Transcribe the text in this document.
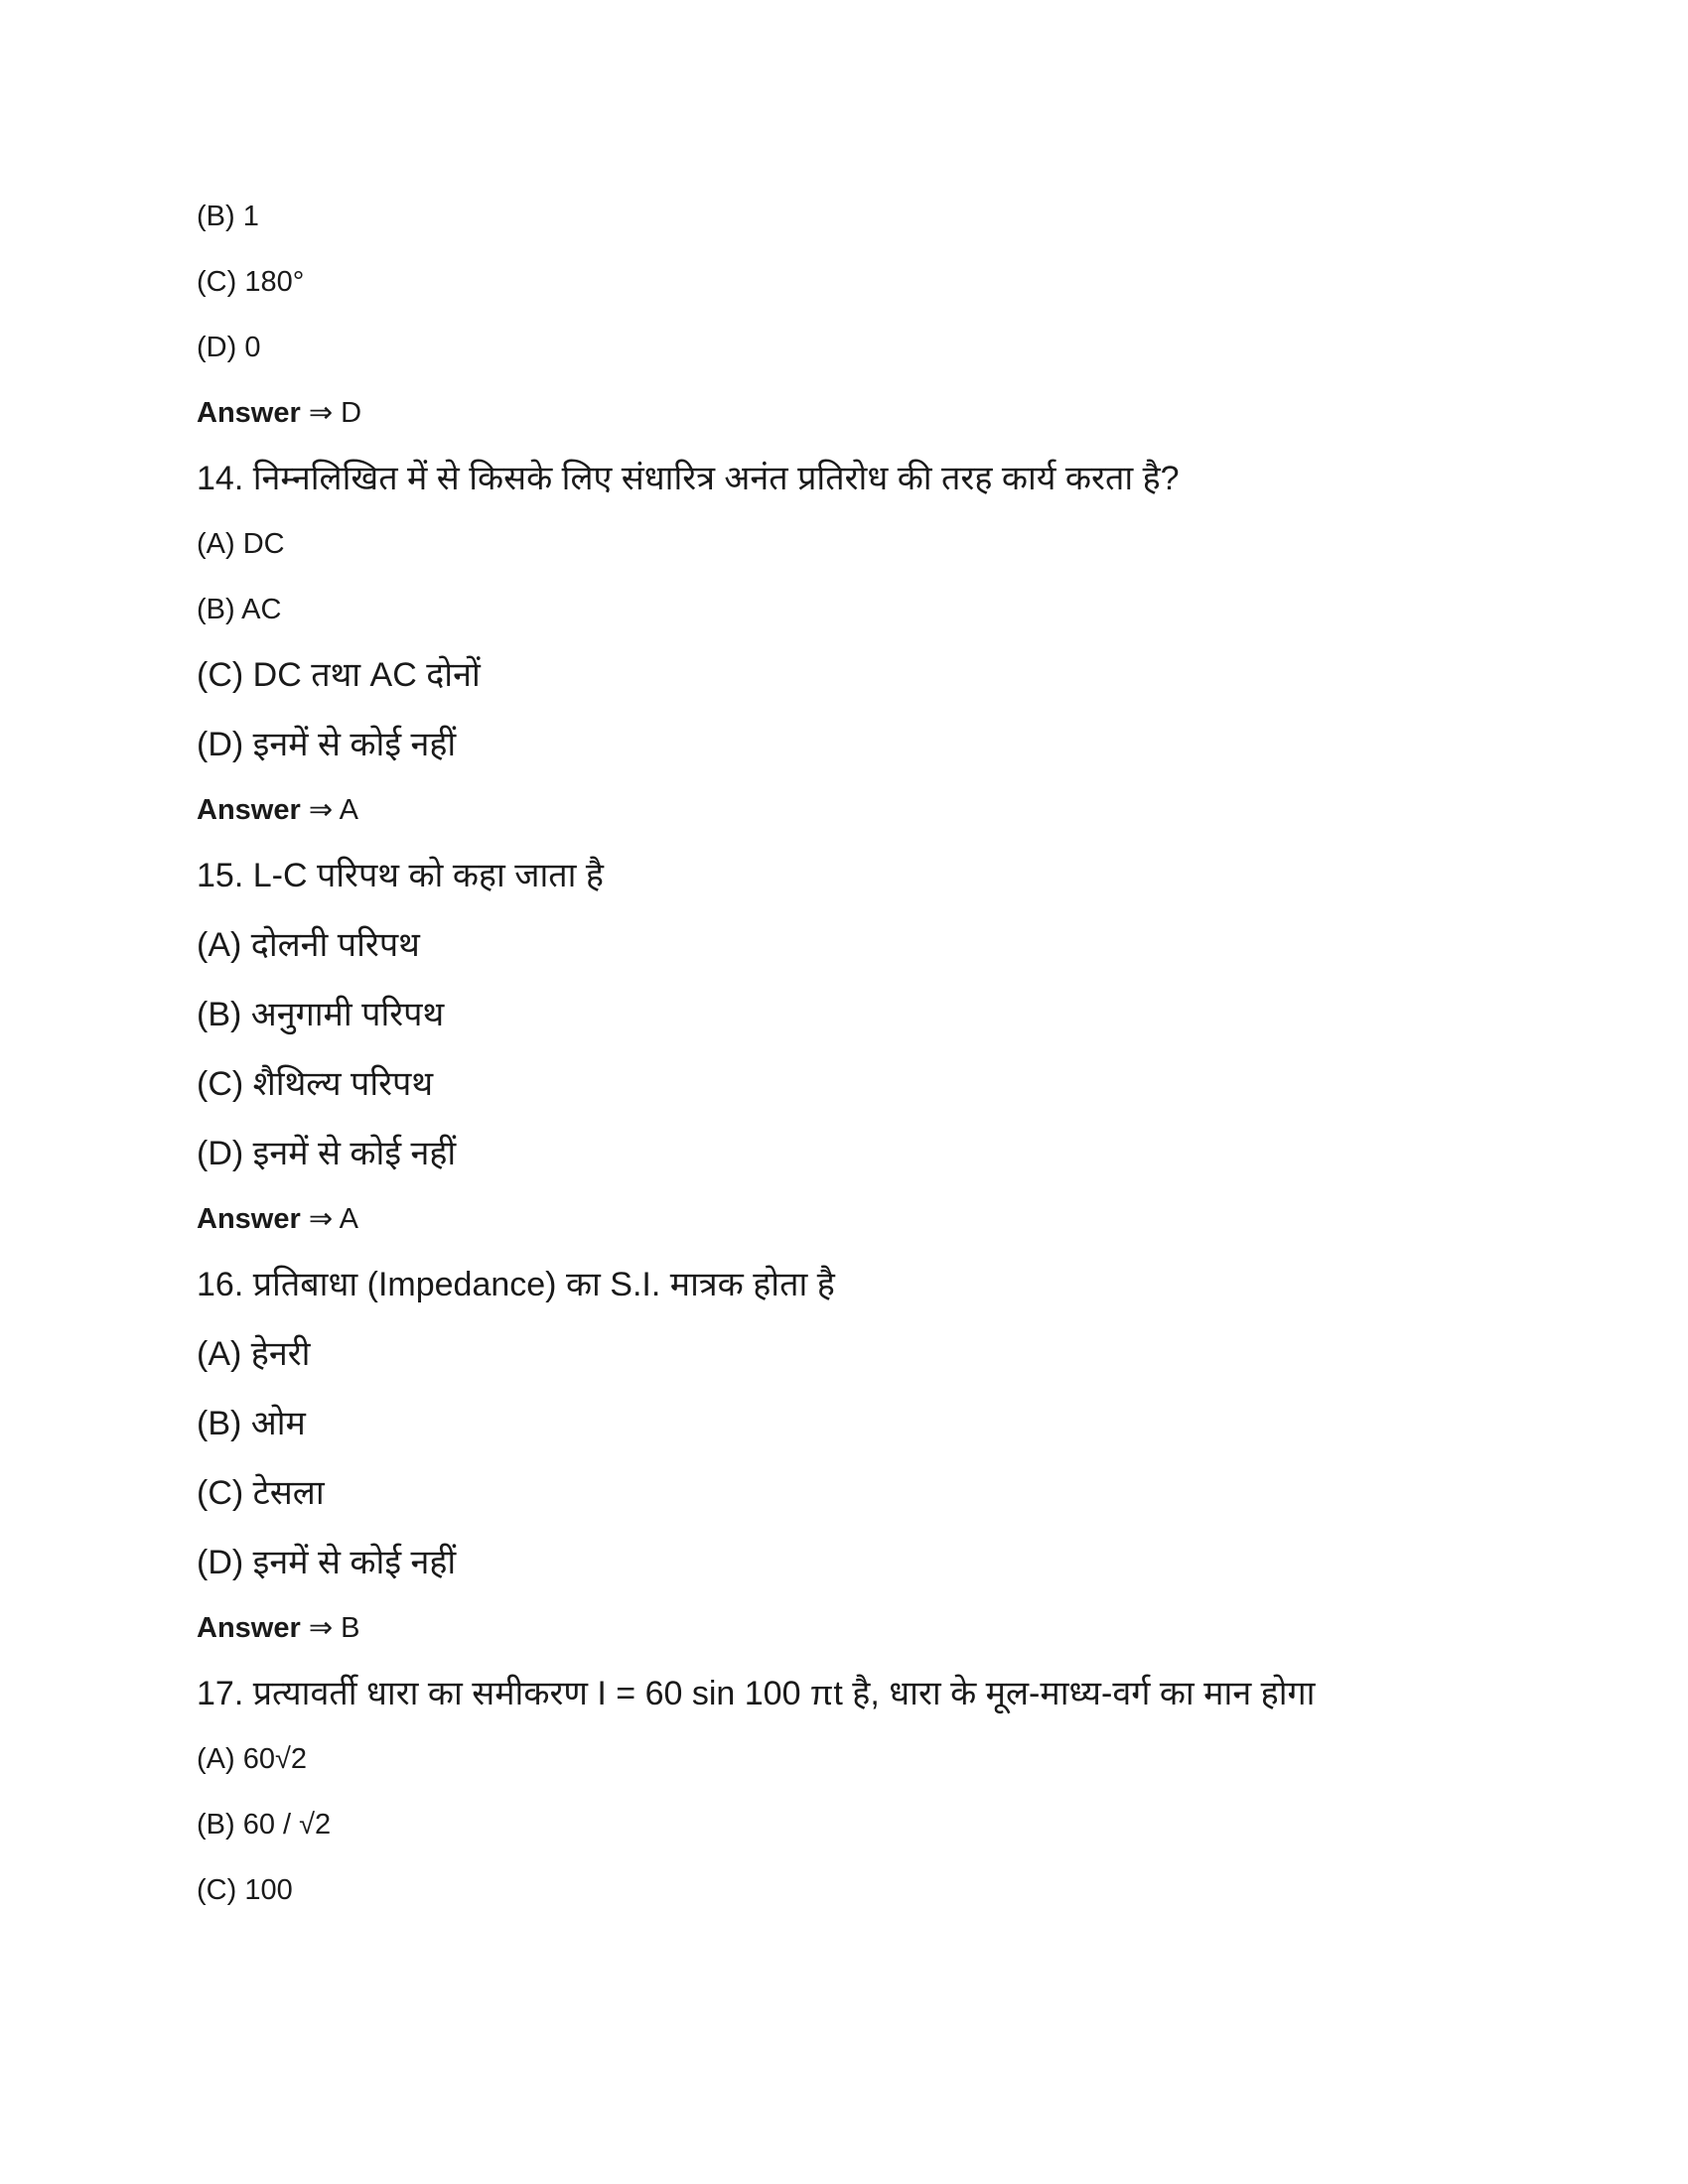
(B) 1
(C) 180°
(D) 0
Answer ⇒ D
14. निम्नलिखित में से किसके लिए संधारित्र अनंत प्रतिरोध की तरह कार्य करता है?
(A) DC
(B) AC
(C) DC तथा AC दोनों
(D) इनमें से कोई नहीं
Answer ⇒ A
15. L-C परिपथ को कहा जाता है
(A) दोलनी परिपथ
(B) अनुगामी परिपथ
(C) शैथिल्य परिपथ
(D) इनमें से कोई नहीं
Answer ⇒ A
16. प्रतिबाधा (Impedance) का S.I. मात्रक होता है
(A) हेनरी
(B) ओम
(C) टेसला
(D) इनमें से कोई नहीं
Answer ⇒ B
17. प्रत्यावर्ती धारा का समीकरण I = 60 sin 100 πt है, धारा के मूल-माध्य-वर्ग का मान होगा
(A) 60√2
(B) 60 / √2
(C) 100
